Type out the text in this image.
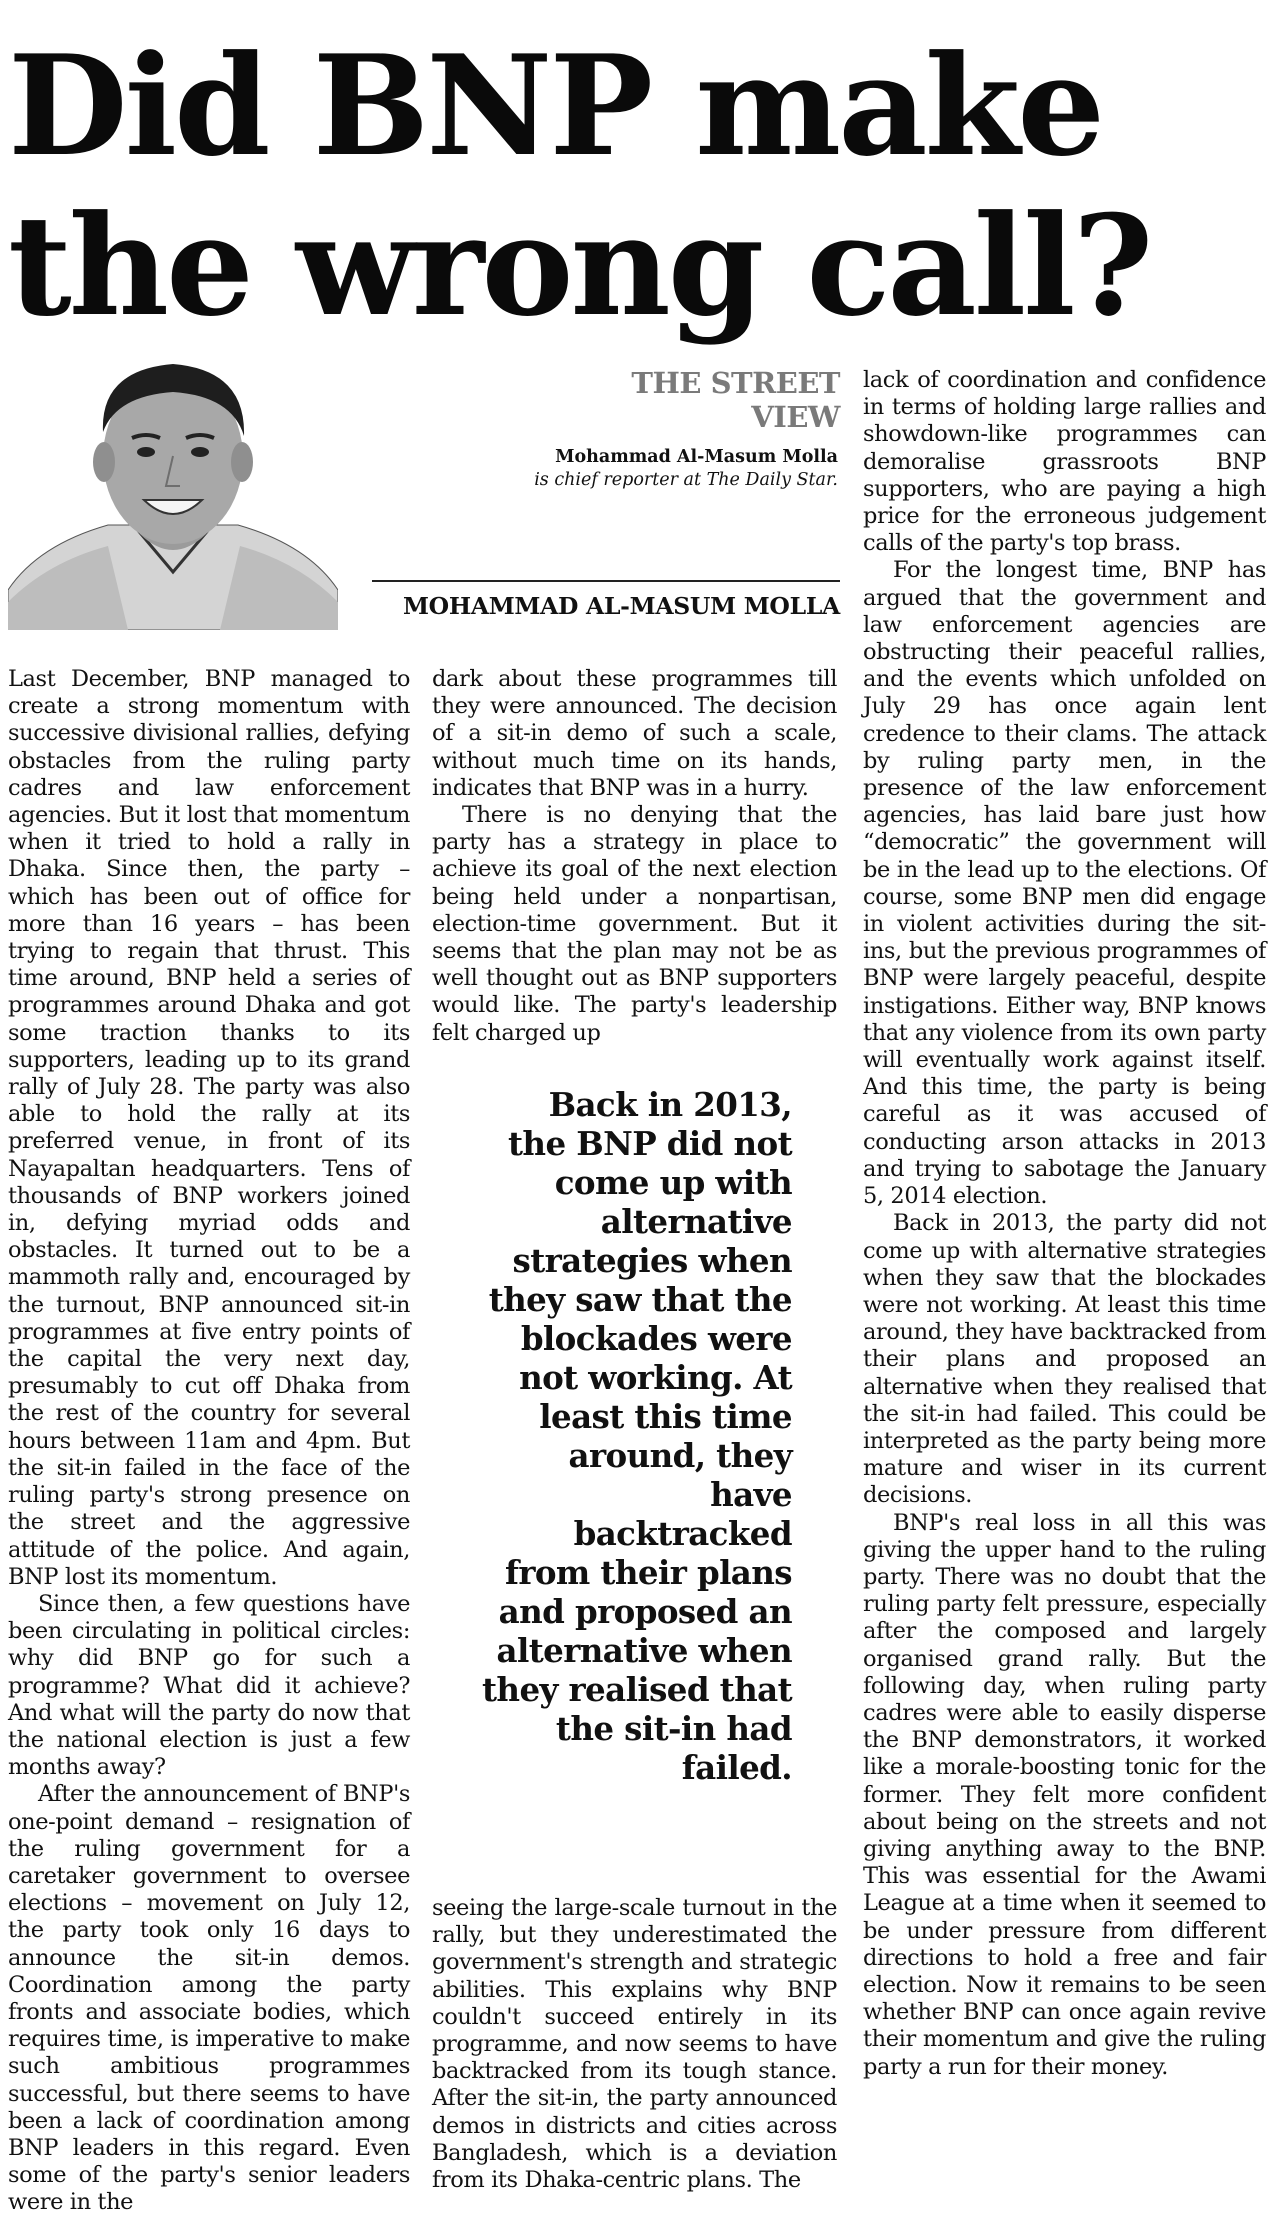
Did BNP make the wrong call?
THE STREET VIEW
Mohammad Al-Masum Molla
is chief reporter at The Daily Star.
MOHAMMAD AL-MASUM MOLLA

Last December, BNP managed to create a strong momentum with successive divisional rallies, defying obstacles from the ruling party cadres and law enforcement agencies. But it lost that momentum when it tried to hold a rally in Dhaka. Since then, the party – which has been out of office for more than 16 years – has been trying to regain that thrust. This time around, BNP held a series of programmes around Dhaka and got some traction thanks to its supporters, leading up to its grand rally of July 28. The party was also able to hold the rally at its preferred venue, in front of its Nayapaltan headquarters. Tens of thousands of BNP workers joined in, defying myriad odds and obstacles. It turned out to be a mammoth rally and, encouraged by the turnout, BNP announced sit-in programmes at five entry points of the capital the very next day, presumably to cut off Dhaka from the rest of the country for several hours between 11am and 4pm. But the sit-in failed in the face of the ruling party's strong presence on the street and the aggressive attitude of the police. And again, BNP lost its momentum.

Since then, a few questions have been circulating in political circles: why did BNP go for such a programme? What did it achieve? And what will the party do now that the national election is just a few months away?

After the announcement of BNP's one-point demand – resignation of the ruling government for a caretaker government to oversee elections – movement on July 12, the party took only 16 days to announce the sit-in demos. Coordination among the party fronts and associate bodies, which requires time, is imperative to make such ambitious programmes successful, but there seems to have been a lack of coordination among BNP leaders in this regard. Even some of the party's senior leaders were in the

dark about these programmes till they were announced. The decision of a sit-in demo of such a scale, without much time on its hands, indicates that BNP was in a hurry.

There is no denying that the party has a strategy in place to achieve its goal of the next election being held under a nonpartisan, election-time government. But it seems that the plan may not be as well thought out as BNP supporters would like. The party's leadership felt charged up

Back in 2013, the BNP did not come up with alternative strategies when they saw that the blockades were not working. At least this time around, they have backtracked from their plans and proposed an alternative when they realised that the sit-in had failed.

seeing the large-scale turnout in the rally, but they underestimated the government's strength and strategic abilities. This explains why BNP couldn't succeed entirely in its programme, and now seems to have backtracked from its tough stance. After the sit-in, the party announced demos in districts and cities across Bangladesh, which is a deviation from its Dhaka-centric plans. The

lack of coordination and confidence in terms of holding large rallies and showdown-like programmes can demoralise grassroots BNP supporters, who are paying a high price for the erroneous judgement calls of the party's top brass.

For the longest time, BNP has argued that the government and law enforcement agencies are obstructing their peaceful rallies, and the events which unfolded on July 29 has once again lent credence to their clams. The attack by ruling party men, in the presence of the law enforcement agencies, has laid bare just how “democratic” the government will be in the lead up to the elections. Of course, some BNP men did engage in violent activities during the sit-ins, but the previous programmes of BNP were largely peaceful, despite instigations. Either way, BNP knows that any violence from its own party will eventually work against itself. And this time, the party is being careful as it was accused of conducting arson attacks in 2013 and trying to sabotage the January 5, 2014 election.

Back in 2013, the party did not come up with alternative strategies when they saw that the blockades were not working. At least this time around, they have backtracked from their plans and proposed an alternative when they realised that the sit-in had failed. This could be interpreted as the party being more mature and wiser in its current decisions.

BNP's real loss in all this was giving the upper hand to the ruling party. There was no doubt that the ruling party felt pressure, especially after the composed and largely organised grand rally. But the following day, when ruling party cadres were able to easily disperse the BNP demonstrators, it worked like a morale-boosting tonic for the former. They felt more confident about being on the streets and not giving anything away to the BNP. This was essential for the Awami League at a time when it seemed to be under pressure from different directions to hold a free and fair election. Now it remains to be seen whether BNP can once again revive their momentum and give the ruling party a run for their money.
